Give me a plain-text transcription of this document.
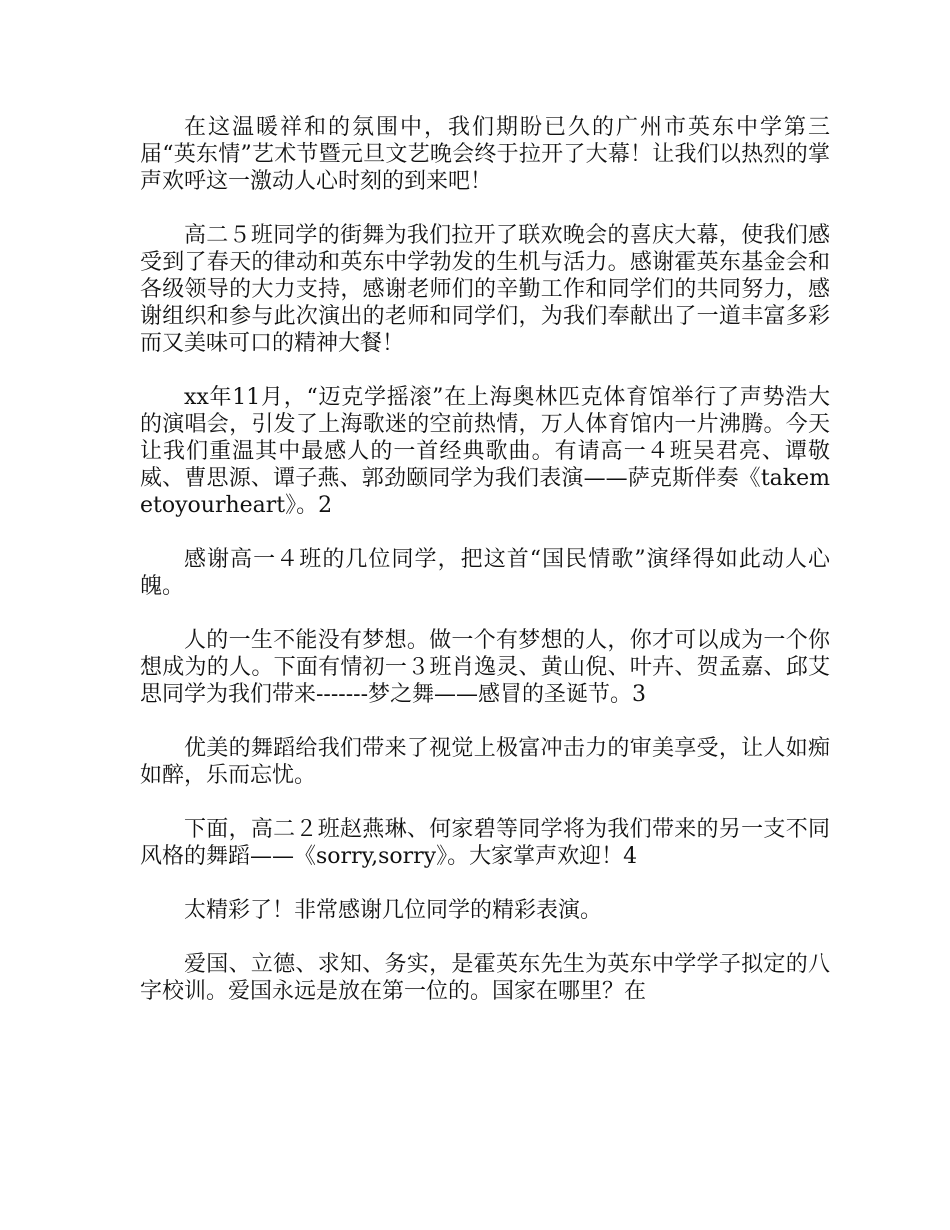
在这温暖祥和的氛围中，我们期盼已久的广州市英东中学第三届“英东情”艺术节暨元旦文艺晚会终于拉开了大幕！让我们以热烈的掌声欢呼这一激动人心时刻的到来吧！

高二５班同学的街舞为我们拉开了联欢晚会的喜庆大幕，使我们感受到了春天的律动和英东中学勃发的生机与活力。感谢霍英东基金会和各级领导的大力支持，感谢老师们的辛勤工作和同学们的共同努力，感谢组织和参与此次演出的老师和同学们，为我们奉献出了一道丰富多彩而又美味可口的精神大餐！

xx年11月，“迈克学摇滚”在上海奥林匹克体育馆举行了声势浩大的演唱会，引发了上海歌迷的空前热情，万人体育馆内一片沸腾。今天让我们重温其中最感人的一首经典歌曲。有请高一４班吴君亮、谭敬威、曹思源、谭子燕、郭劲颐同学为我们表演——萨克斯伴奏《takemetoyourheart》。2

感谢高一４班的几位同学，把这首“国民情歌”演绎得如此动人心魄。

人的一生不能没有梦想。做一个有梦想的人，你才可以成为一个你想成为的人。下面有情初一３班肖逸灵、黄山倪、叶卉、贺孟嘉、邱艾思同学为我们带来-------梦之舞——感冒的圣诞节。3

优美的舞蹈给我们带来了视觉上极富冲击力的审美享受，让人如痴如醉，乐而忘忧。

下面，高二２班赵燕琳、何家碧等同学将为我们带来的另一支不同风格的舞蹈——《sorry,sorry》。大家掌声欢迎！4

太精彩了！非常感谢几位同学的精彩表演。

爱国、立德、求知、务实，是霍英东先生为英东中学学子拟定的八字校训。爱国永远是放在第一位的。国家在哪里？在
